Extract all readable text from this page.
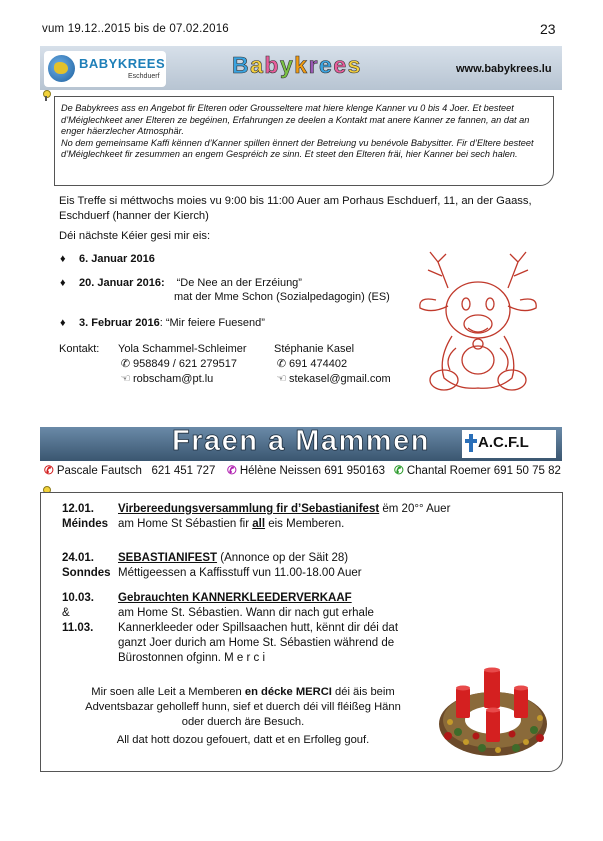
vum 19.12..2015 bis de 07.02.2016	23
BABYKREES
Eschduerf	Babykrees	www.babykrees.lu

De Babykrees ass en Angebot fir Elteren oder Grousseltere mat hiere klenge Kanner vu 0 bis 4 Joer. Et besteet d’Méiglechkeet aner Elteren ze begéinen, Erfahrungen ze deelen a Kontakt mat anere Kanner ze fannen, an dat an enger häerzlecher Atmosphär.

No dem gemeinsame Kaffi kënnen d’Kanner spillen ënnert der Betreiung vu benévole Babysitter. Fir d’Eltere besteet d’Méiglechkeet fir zesummen an engem Gespréich ze sinn. Et steet den Elteren fräi, hier Kanner bei sech halen.

Eis Treffe si méttwochs moies vu 9:00 bis 11:00 Auer am Porhaus Eschduerf, 11, an der Gaass,
Eschduerf (hanner der Kierch)
Déi nächste Kéier gesi mir eis:
♦ 6. Januar 2016
♦ 20. Januar 2016: “De Nee an der Erzéiung”
mat der Mme Schon (Sozialpedagogin) (ES)
♦ 3. Februar 2016: “Mir feiere Fuesend”
Kontakt: Yola Schammel-Schleimer
✆ 958849 / 621 279517
☜ robscham@pt.lu
Stéphanie Kasel
✆ 691 474402
☜ stekasel@gmail.com
Fraen a Mammen	A.C.F.L
✆ Pascale Fautsch 621 451 727 ✆ Hélène Neissen 691 950163 ✆ Chantal Roemer 691 50 75 82
12.01.
Méindes
Virbereedungsversammlung fir d’Sebastianifest ëm 20°° Auer
am Home St Sébastien fir all eis Memberen.
24.01.
Sonndes
SEBASTIANIFEST (Annonce op der Säit 28)
Méttigeessen a Kaffisstuff vun 11.00-18.00 Auer
10.03.
&
11.03.
Gebrauchten KANNERKLEEDERVERKAAF
am Home St. Sébastien. Wann dir nach gut erhale
Kannerkleeder oder Spillsaachen hutt, kënnt dir déi dat
ganzt Joer durich am Home St. Sébastien während de
Bürostonnen ofginn. M e r c i
Mir soen alle Leit a Memberen en décke MERCI déi äis beim
Adventsbazar geholleff hunn, sief et duerch déi vill fléißeg Hänn
oder duerch äre Besuch.
All dat hott dozou gefouert, datt et en Erfolleg gouf.
